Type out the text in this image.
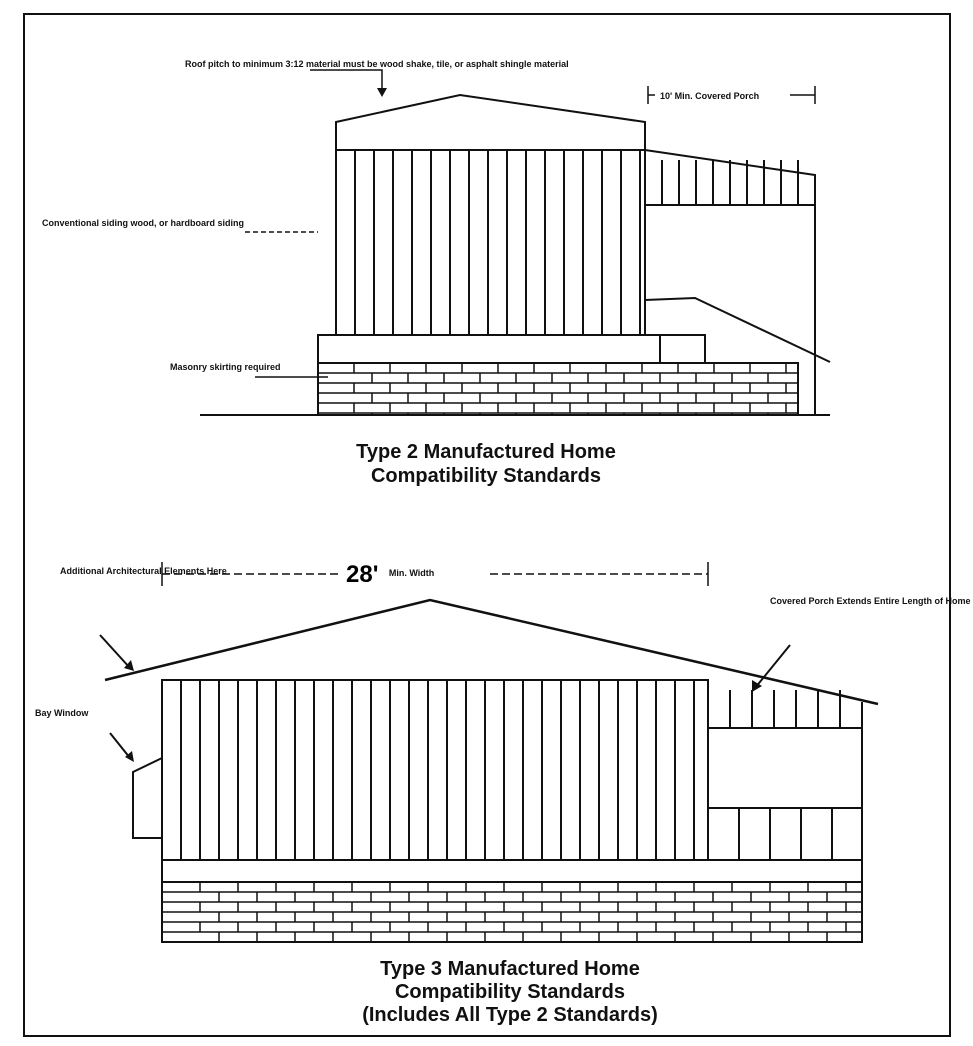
Roof pitch to minimum 3:12 material must be wood shake, tile, or asphalt shingle material
10' Min. Covered Porch
Conventional siding wood, or hardboard siding
Masonry skirting required
Type 2 Manufactured Home
Compatibility Standards
28' $^{Min. Width}$
Additional Architectural Elements Here
Bay Window
Covered Porch Extends Entire Length of Home
Type 3 Manufactured Home
Compatibility Standards
(Includes All Type 2 Standards)
